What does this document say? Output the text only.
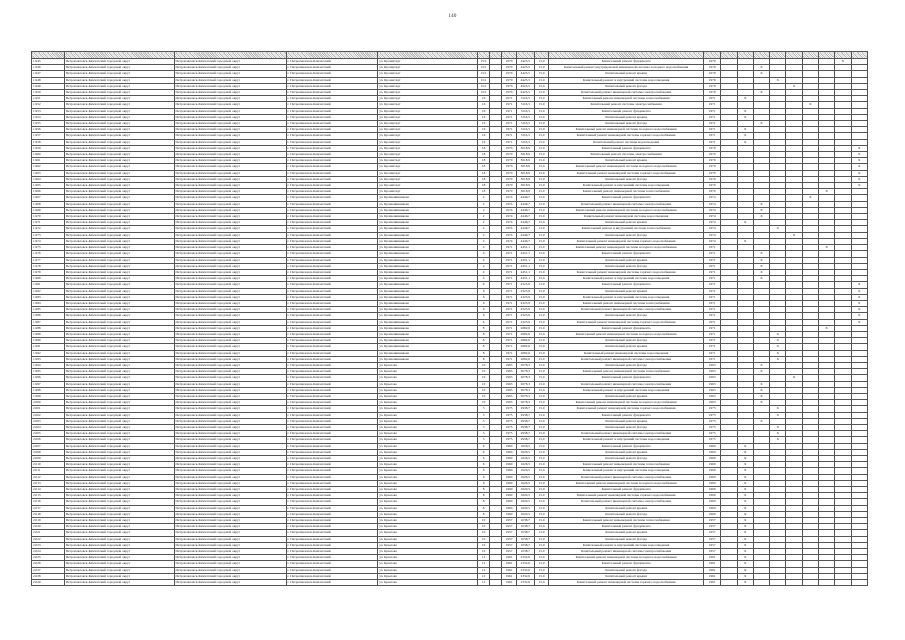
140

1.945	Петропавловск-Камчатский городской округ	Петропавловск-Камчатский городской округ	г. Петропавловск-Камчатский	ул. Кронштадт	15/1		1970	4425,5	15,0	Капитальный ремонт фундамента	1979								X	
1.946	Петропавловск-Камчатский городской округ	Петропавловск-Камчатский городской округ	г. Петропавловск-Камчатский	ул. Кронштадт	15/1		1970	4425,5	15,0	Капитальный ремонт внутридомовой инженерной системы холодного водоснабжения	1979			X						
1.947	Петропавловск-Камчатский городской округ	Петропавловск-Камчатский городской округ	г. Петропавловск-Камчатский	ул. Кронштадт	15/1		1970	4425,5	15,0	Капитальный ремонт крыши	1979			X						
1.948	Петропавловск-Камчатский городской округ	Петропавловск-Камчатский городской округ	г. Петропавловск-Камчатский	ул. Кронштадт	15/1		1970	4425,5	15,0	Капитальный ремонт и внутренний системы водоотведения	1979				X					
1.949	Петропавловск-Камчатский городской округ	Петропавловск-Камчатский городской округ	г. Петропавловск-Камчатский	ул. Кронштадт	15/1		1970	4425,5	15,0	Капитальный ремонт фасада	1979					X				
1.950	Петропавловск-Камчатский городской округ	Петропавловск-Камчатский городской округ	г. Петропавловск-Камчатский	ул. Кронштадт	15/1		1970	4425,5	15,0	Капитальный ремонт инженерной системы электроснабжения	1979			X						
1.951	Петропавловск-Камчатский городской округ	Петропавловск-Камчатский городской округ	г. Петропавловск-Камчатский	ул. Кронштадт	16		1971	3116,5	15,0	Капитальный ремонт инженерной системы теплоснабжения	1971		X							
1.952	Петропавловск-Камчатский городской округ	Петропавловск-Камчатский городской округ	г. Петропавловск-Камчатский	ул. Кронштадт	16		1971	3116,5	15,0	Капитальный ремонт системы электроснабжения	1971						X			
1.953	Петропавловск-Камчатский городской округ	Петропавловск-Камчатский городской округ	г. Петропавловск-Камчатский	ул. Кронштадт	16		1971	3116,5	15,0	Капитальный ремонт фундамента	1971		X							
1.954	Петропавловск-Камчатский городской округ	Петропавловск-Камчатский городской округ	г. Петропавловск-Камчатский	ул. Кронштадт	16		1971	3116,5	15,0	Капитальный ремонт крыши	1971		X							
1.955	Петропавловск-Камчатский городской округ	Петропавловск-Камчатский городской округ	г. Петропавловск-Камчатский	ул. Кронштадт	16		1971	3116,5	15,0	Капитальный ремонт фасада	1971			X						
1.956	Петропавловск-Камчатский городской округ	Петропавловск-Камчатский городской округ	г. Петропавловск-Камчатский	ул. Кронштадт	16		1971	3116,5	15,0	Капитальный ремонт инженерной системы холодного водоснабжения	1971		X							
1.957	Петропавловск-Камчатский городской округ	Петропавловск-Камчатский городской округ	г. Петропавловск-Камчатский	ул. Кронштадт	16		1971	3116,5	15,0	Капитальный ремонт инженерной системы горячего водоснабжения	1971		X							
1.958	Петропавловск-Камчатский городской округ	Петропавловск-Камчатский городской округ	г. Петропавловск-Камчатский	ул. Кронштадт	16		1971	3116,5	15,0	Капитальный ремонт системы водоотведения	1971		X							
1.959	Петропавловск-Камчатский городской округ	Петропавловск-Камчатский городской округ	г. Петропавловск-Камчатский	ул. Кронштадт	18		1970	3018,9	15,0	Капитальный ремонт фундамента	1970									X
1.960	Петропавловск-Камчатский городской округ	Петропавловск-Камчатский городской округ	г. Петропавловск-Камчатский	ул. Кронштадт	18		1970	3018,9	15,0	Капитальный ремонт системы электроснабжения	1970									X
1.961	Петропавловск-Камчатский городской округ	Петропавловск-Камчатский городской округ	г. Петропавловск-Камчатский	ул. Кронштадт	18		1970	3018,9	15,0	Капитальный ремонт крыши	1970									X
1.962	Петропавловск-Камчатский городской округ	Петропавловск-Камчатский городской округ	г. Петропавловск-Камчатский	ул. Кронштадт	18		1970	3018,9	15,0	Капитальный ремонт инженерной системы холодного водоснабжения	1970									X
1.963	Петропавловск-Камчатский городской округ	Петропавловск-Камчатский городской округ	г. Петропавловск-Камчатский	ул. Кронштадт	18		1970	3018,9	15,0	Капитальный ремонт инженерной системы горячего водоснабжения	1970									X
1.964	Петропавловск-Камчатский городской округ	Петропавловск-Камчатский городской округ	г. Петропавловск-Камчатский	ул. Кронштадт	18		1970	3018,9	15,0	Капитальный ремонт фасада	1970									X
1.965	Петропавловск-Камчатский городской округ	Петропавловск-Камчатский городской округ	г. Петропавловск-Камчатский	ул. Кронштадт	18		1970	3018,9	15,0	Капитальный ремонт и внутренний системы водоотведения	1970									X
1.966	Петропавловск-Камчатский городской округ	Петропавловск-Камчатский городской округ	г. Петропавловск-Камчатский	ул. Кронштадт	18		1970	3018,9	15,0	Капитальный ремонт инженерной системы теплоснабжения	1970							X		
1.967	Петропавловск-Камчатский городской округ	Петропавловск-Камчатский городской округ	г. Петропавловск-Камчатский	ул. Крашенинникова	2		1974	4446,7	15,0	Капитальный ремонт фундамента	1974						X			
1.968	Петропавловск-Камчатский городской округ	Петропавловск-Камчатский городской округ	г. Петропавловск-Камчатский	ул. Крашенинникова	2		1974	4446,7	15,0	Капитальный ремонт инженерной системы электроснабжения	1974			X						
1.969	Петропавловск-Камчатский городской округ	Петропавловск-Камчатский городской округ	г. Петропавловск-Камчатский	ул. Крашенинникова	2		1974	4446,7	15,0	Капитальный ремонт инженерной системы холодного водоснабжения	1974			X						
1.970	Петропавловск-Камчатский городской округ	Петропавловск-Камчатский городской округ	г. Петропавловск-Камчатский	ул. Крашенинникова	2		1974	4446,7	15,0	Капитальный ремонт инженерной системы водоотведения	1974			X						
1.971	Петропавловск-Камчатский городской округ	Петропавловск-Камчатский городской округ	г. Петропавловск-Камчатский	ул. Крашенинникова	2		1974	4446,7	15,0	Капитальный ремонт крыши	1974		X							
1.972	Петропавловск-Камчатский городской округ	Петропавловск-Камчатский городской округ	г. Петропавловск-Камчатский	ул. Крашенинникова	2		1974	4446,7	15,0	Капитальный ремонт и внутренний системы теплоснабжения	1974				X					
1.973	Петропавловск-Камчатский городской округ	Петропавловск-Камчатский городской округ	г. Петропавловск-Камчатский	ул. Крашенинникова	2		1974	4446,7	15,0	Капитальный ремонт фасада	1974					X				
1.974	Петропавловск-Камчатский городской округ	Петропавловск-Камчатский городской округ	г. Петропавловск-Камчатский	ул. Крашенинникова	2		1974	4446,7	15,0	Капитальный ремонт инженерной системы горячего водоснабжения	1974		X							
1.975	Петропавловск-Камчатский городской округ	Петропавловск-Камчатский городской округ	г. Петропавловск-Камчатский	ул. Крашенинникова	4		1971	4451,1	15,0	Капитальный ремонт инженерной системы холодного водоснабжения	1971							X		
1.976	Петропавловск-Камчатский городской округ	Петропавловск-Камчатский городской округ	г. Петропавловск-Камчатский	ул. Крашенинникова	4		1971	4451,1	15,0	Капитальный ремонт фундамента	1971			X						
1.977	Петропавловск-Камчатский городской округ	Петропавловск-Камчатский городской округ	г. Петропавловск-Камчатский	ул. Крашенинникова	4		1971	4451,1	15,0	Капитальный ремонт крыши	1971			X						
1.978	Петропавловск-Камчатский городской округ	Петропавловск-Камчатский городской округ	г. Петропавловск-Камчатский	ул. Крашенинникова	4		1971	4451,1	15,0	Капитальный ремонт фасада	1971			X						
1.979	Петропавловск-Камчатский городской округ	Петропавловск-Камчатский городской округ	г. Петропавловск-Камчатский	ул. Крашенинникова	4		1971	4451,1	15,0	Капитальный ремонт инженерной системы горячего водоснабжения	1971			X						
1.980	Петропавловск-Камчатский городской округ	Петропавловск-Камчатский городской округ	г. Петропавловск-Камчатский	ул. Крашенинникова	4		1971	4451,1	15,0	Капитальный ремонт и внутренний системы водоотведения	1971			X						
1.981	Петропавловск-Камчатский городской округ	Петропавловск-Камчатский городской округ	г. Петропавловск-Камчатский	ул. Крашенинникова	6		1971	4325,9	15,0	Капитальный ремонт фундамента	1971									X
1.982	Петропавловск-Камчатский городской округ	Петропавловск-Камчатский городской округ	г. Петропавловск-Камчатский	ул. Крашенинникова	6		1971	4325,9	15,0	Капитальный ремонт крыши	1971									X
1.983	Петропавловск-Камчатский городской округ	Петропавловск-Камчатский городской округ	г. Петропавловск-Камчатский	ул. Крашенинникова	6		1971	4325,9	15,0	Капитальный ремонт и внутренний системы водоотведения	1971									X
1.984	Петропавловск-Камчатский городской округ	Петропавловск-Камчатский городской округ	г. Петропавловск-Камчатский	ул. Крашенинникова	6		1971	4325,9	15,0	Капитальный ремонт инженерной системы теплоснабжения	1971									X
1.985	Петропавловск-Камчатский городской округ	Петропавловск-Камчатский городской округ	г. Петропавловск-Камчатский	ул. Крашенинникова	6		1971	4325,9	15,0	Капитальный ремонт инженерной системы электроснабжения	1971									X
1.986	Петропавловск-Камчатский городской округ	Петропавловск-Камчатский городской округ	г. Петропавловск-Камчатский	ул. Крашенинникова	6		1971	4325,9	15,0	Капитальный ремонт фасада	1971									X
1.987	Петропавловск-Камчатский городской округ	Петропавловск-Камчатский городской округ	г. Петропавловск-Камчатский	ул. Крашенинникова	6		1971	4325,9	15,0	Капитальный ремонт инженерной системы горячего водоснабжения	1971									X
1.988	Петропавловск-Камчатский городской округ	Петропавловск-Камчатский городской округ	г. Петропавловск-Камчатский	ул. Крашенинникова	8		1971	2682,6	15,0	Капитальный ремонт фундамента	1971							X		
1.989	Петропавловск-Камчатский городской округ	Петропавловск-Камчатский городской округ	г. Петропавловск-Камчатский	ул. Крашенинникова	8		1971	2682,6	15,0	Капитальный ремонт инженерной системы холодного водоснабжения	1971				X					
1.990	Петропавловск-Камчатский городской округ	Петропавловск-Камчатский городской округ	г. Петропавловск-Камчатский	ул. Крашенинникова	8		1971	2682,6	15,0	Капитальный ремонт фасада	1971				X					
1.991	Петропавловск-Камчатский городской округ	Петропавловск-Камчатский городской округ	г. Петропавловск-Камчатский	ул. Крашенинникова	8		1971	2682,6	15,0	Капитальный ремонт крыши	1971				X					
1.992	Петропавловск-Камчатский городской округ	Петропавловск-Камчатский городской округ	г. Петропавловск-Камчатский	ул. Крашенинникова	8		1971	2682,6	15,0	Капитальный ремонт инженерной системы водоотведения	1971				X					
1.993	Петропавловск-Камчатский городской округ	Петропавловск-Камчатский городской округ	г. Петропавловск-Камчатский	ул. Крашенинникова	8		1971	2682,6	15,0	Капитальный ремонт инженерной системы электроснабжения	1971				X					
1.994	Петропавловск-Камчатский городской округ	Петропавловск-Камчатский городской округ	г. Петропавловск-Камчатский	ул. Крылова	10		1963	2078,3	15,0	Капитальный ремонт фасада	1963			X						
1.995	Петропавловск-Камчатский городской округ	Петропавловск-Камчатский городской округ	г. Петропавловск-Камчатский	ул. Крылова	10		1963	2078,3	15,0	Капитальный ремонт инженерной системы теплоснабжения	1963			X						
1.996	Петропавловск-Камчатский городской округ	Петропавловск-Камчатский городской округ	г. Петропавловск-Камчатский	ул. Крылова	10		1963	2078,3	15,0	Капитальный ремонт фундамента	1963					X				
1.997	Петропавловск-Камчатский городской округ	Петропавловск-Камчатский городской округ	г. Петропавловск-Камчатский	ул. Крылова	10		1963	2078,3	15,0	Капитальный ремонт инженерной системы электроснабжения	1963			X						
1.998	Петропавловск-Камчатский городской округ	Петропавловск-Камчатский городской округ	г. Петропавловск-Камчатский	ул. Крылова	10		1963	2078,3	15,0	Капитальный ремонт и внутренний системы водоотведения	1963			X						
1.999	Петропавловск-Камчатский городской округ	Петропавловск-Камчатский городской округ	г. Петропавловск-Камчатский	ул. Крылова	10		1963	2078,3	15,0	Капитальный ремонт крыши	1963			X						
2.000	Петропавловск-Камчатский городской округ	Петропавловск-Камчатский городской округ	г. Петропавловск-Камчатский	ул. Крылова	10		1963	2078,3	15,0	Капитальный ремонт инженерной системы холодного водоснабжения	1963			X						
2.001	Петропавловск-Камчатский городской округ	Петропавловск-Камчатский городской округ	г. Петропавловск-Камчатский	ул. Крылова	3		1975	2938,7	15,0	Капитальный ремонт инженерной системы горячего водоснабжения	1975				X					
2.002	Петропавловск-Камчатский городской округ	Петропавловск-Камчатский городской округ	г. Петропавловск-Камчатский	ул. Крылова	3		1975	2938,7	15,0	Капитальный ремонт фундамента	1975				X					
2.003	Петропавловск-Камчатский городской округ	Петропавловск-Камчатский городской округ	г. Петропавловск-Камчатский	ул. Крылова	3		1975	2938,7	15,0	Капитальный ремонт крыши	1975			X						
2.004	Петропавловск-Камчатский городской округ	Петропавловск-Камчатский городской округ	г. Петропавловск-Камчатский	ул. Крылова	3		1975	2938,7	15,0	Капитальный ремонт фасада	1975				X					
2.005	Петропавловск-Камчатский городской округ	Петропавловск-Камчатский городской округ	г. Петропавловск-Камчатский	ул. Крылова	3		1975	2938,7	15,0	Капитальный ремонт инженерной системы электроснабжения	1975				X					
2.006	Петропавловск-Камчатский городской округ	Петропавловск-Камчатский городской округ	г. Петропавловск-Камчатский	ул. Крылова	3		1975	2938,7	15,0	Капитальный ремонт и внутренний системы водоотведения	1975				X					
2.007	Петропавловск-Камчатский городской округ	Петропавловск-Камчатский городской округ	г. Петропавловск-Камчатский	ул. Крылова	6		1960	1626,5	15,0	Капитальный ремонт фундамента	1960		X							
2.008	Петропавловск-Камчатский городской округ	Петропавловск-Камчатский городской округ	г. Петропавловск-Камчатский	ул. Крылова	6		1960	1626,5	15,0	Капитальный ремонт крыши	1960		X							
2.009	Петропавловск-Камчатский городской округ	Петропавловск-Камчатский городской округ	г. Петропавловск-Камчатский	ул. Крылова	6		1960	1626,5	15,0	Капитальный ремонт фасада	1960		X							
2.010	Петропавловск-Камчатский городской округ	Петропавловск-Камчатский городской округ	г. Петропавловск-Камчатский	ул. Крылова	6		1960	1626,5	15,0	Капитальный ремонт инженерной системы теплоснабжения	1960		X							
2.011	Петропавловск-Камчатский городской округ	Петропавловск-Камчатский городской округ	г. Петропавловск-Камчатский	ул. Крылова	6		1960	1626,5	15,0	Капитальный ремонт и внутренний системы водоотведения	1960		X							
2.012	Петропавловск-Камчатский городской округ	Петропавловск-Камчатский городской округ	г. Петропавловск-Камчатский	ул. Крылова	6		1960	1626,5	15,0	Капитальный ремонт инженерной системы электроснабжения	1960		X							
2.013	Петропавловск-Камчатский городской округ	Петропавловск-Камчатский городской округ	г. Петропавловск-Камчатский	ул. Крылова	6		1960	1626,5	15,0	Капитальный ремонт инженерной системы холодного водоснабжения	1960		X							
2.014	Петропавловск-Камчатский городской округ	Петропавловск-Камчатский городской округ	г. Петропавловск-Камчатский	ул. Крылова	8		1960	1620,5	15,0	Капитальный ремонт фундамента	1960		X							
2.015	Петропавловск-Камчатский городской округ	Петропавловск-Камчатский городской округ	г. Петропавловск-Камчатский	ул. Крылова	8		1960	1620,5	15,0	Капитальный ремонт инженерной системы горячего водоснабжения	1960		X							
2.016	Петропавловск-Камчатский городской округ	Петропавловск-Камчатский городской округ	г. Петропавловск-Камчатский	ул. Крылова	8		1960	1620,5	15,0	Капитальный ремонт инженерной системы электроснабжения	1960		X							
2.017	Петропавловск-Камчатский городской округ	Петропавловск-Камчатский городской округ	г. Петропавловск-Камчатский	ул. Крылова	8		1960	1620,5	15,0	Капитальный ремонт крыши	1960		X							
2.018	Петропавловск-Камчатский городской округ	Петропавловск-Камчатский городской округ	г. Петропавловск-Камчатский	ул. Крылова	8		1960	1620,5	15,0	Капитальный ремонт фасада	1960		X							
2.019	Петропавловск-Камчатский городской округ	Петропавловск-Камчатский городской округ	г. Петропавловск-Камчатский	ул. Крылова	10		1957	1038,7	15,0	Капитальный ремонт инженерной системы теплоснабжения	1957		X							
2.020	Петропавловск-Камчатский городской округ	Петропавловск-Камчатский городской округ	г. Петропавловск-Камчатский	ул. Крылова	10		1957	1038,7	15,0	Капитальный ремонт фундамента	1957		X							
2.021	Петропавловск-Камчатский городской округ	Петропавловск-Камчатский городской округ	г. Петропавловск-Камчатский	ул. Крылова	10		1957	1038,7	15,0	Капитальный ремонт крыши	1957		X							
2.022	Петропавловск-Камчатский городской округ	Петропавловск-Камчатский городской округ	г. Петропавловск-Камчатский	ул. Крылова	10		1957	1038,7	15,0	Капитальный ремонт фасада	1957		X							
2.023	Петропавловск-Камчатский городской округ	Петропавловск-Камчатский городской округ	г. Петропавловск-Камчатский	ул. Крылова	10		1957	1038,7	15,0	Капитальный ремонт и внутренний системы водоотведения	1957		X							
2.024	Петропавловск-Камчатский городской округ	Петропавловск-Камчатский городской округ	г. Петропавловск-Камчатский	ул. Крылова	10		1957	1038,7	15,0	Капитальный ремонт инженерной системы электроснабжения	1957		X							
2.025	Петропавловск-Камчатский городской округ	Петропавловск-Камчатский городской округ	г. Петропавловск-Камчатский	ул. Крылова	12		1961	2332,6	15,0	Капитальный ремонт инженерной системы холодного водоснабжения	1961		X							
2.026	Петропавловск-Камчатский городской округ	Петропавловск-Камчатский городской округ	г. Петропавловск-Камчатский	ул. Крылова	12		1961	2332,6	15,0	Капитальный ремонт фундамента	1961		X							
2.027	Петропавловск-Камчатский городской округ	Петропавловск-Камчатский городской округ	г. Петропавловск-Камчатский	ул. Крылова	12		1961	2332,6	15,0	Капитальный ремонт фасада	1961		X							
2.028	Петропавловск-Камчатский городской округ	Петропавловск-Камчатский городской округ	г. Петропавловск-Камчатский	ул. Крылова	12		1961	2332,6	15,0	Капитальный ремонт крыши	1961		X							
2.029	Петропавловск-Камчатский городской округ	Петропавловск-Камчатский городской округ	г. Петропавловск-Камчатский	ул. Крылова	12		1961	2332,6	15,0	Капитальный ремонт инженерной системы горячего водоснабжения	1961		X							
